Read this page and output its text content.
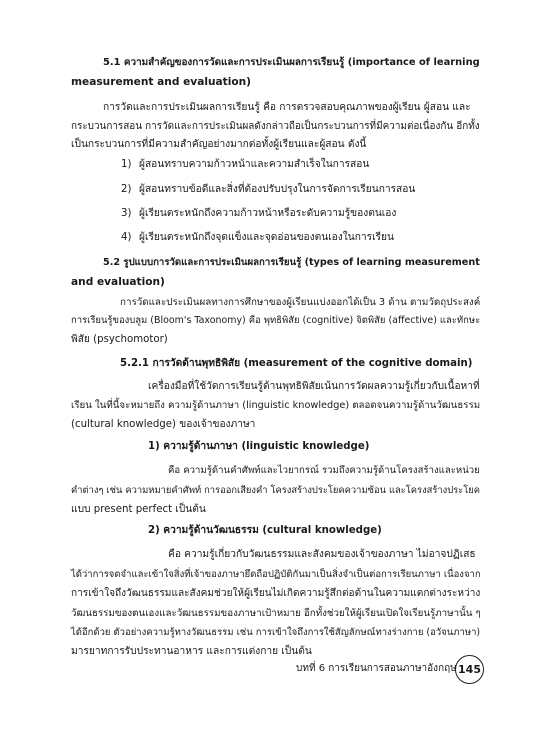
5.1 ความสำคัญของการวัดและการประเมินผลการเรียนรู้ (importance of learning
measurement and evaluation)
การวัดและการประเมินผลการเรียนรู้ คือ การตรวจสอบคุณภาพของผู้เรียน ผู้สอน และ
กระบวนการสอน การวัดและการประเมินผลดังกล่าวถือเป็นกระบวนการที่มีความต่อเนื่องกัน อีกทั้ง
เป็นกระบวนการที่มีความสำคัญอย่างมากต่อทั้งผู้เรียนและผู้สอน ดังนี้
1) ผู้สอนทราบความก้าวหน้าและความสำเร็จในการสอน
2) ผู้สอนทราบข้อดีและสิ่งที่ต้องปรับปรุงในการจัดการเรียนการสอน
3) ผู้เรียนตระหนักถึงความก้าวหน้าหรือระดับความรู้ของตนเอง
4) ผู้เรียนตระหนักถึงจุดแข็งและจุดอ่อนของตนเองในการเรียน
5.2 รูปแบบการวัดและการประเมินผลการเรียนรู้ (types of learning measurement
and evaluation)
การวัดและประเมินผลทางการศึกษาของผู้เรียนแบ่งออกได้เป็น 3 ด้าน ตามวัตถุประสงค์
การเรียนรู้ของบลูม (Bloom's Taxonomy) คือ พุทธิพิสัย (cognitive) จิตพิสัย (affective) และทักษะ
พิสัย (psychomotor)
5.2.1 การวัดด้านพุทธิพิสัย (measurement of the cognitive domain)
เครื่องมือที่ใช้วัดการเรียนรู้ด้านพุทธิพิสัยเน้นการวัดผลความรู้เกี่ยวกับเนื้อหาที่
เรียน ในที่นี้จะหมายถึง ความรู้ด้านภาษา (linguistic knowledge) ตลอดจนความรู้ด้านวัฒนธรรม
(cultural knowledge) ของเจ้าของภาษา
1) ความรู้ด้านภาษา (linguistic knowledge)
คือ ความรู้ด้านคำศัพท์และไวยากรณ์ รวมถึงความรู้ด้านโครงสร้างและหน่วย
คำต่างๆ เช่น ความหมายคำศัพท์ การออกเสียงคำ โครงสร้างประโยคความซ้อน และโครงสร้างประโยค
แบบ present perfect เป็นต้น
2) ความรู้ด้านวัฒนธรรม (cultural knowledge)
คือ ความรู้เกี่ยวกับวัฒนธรรมและสังคมของเจ้าของภาษา ไม่อาจปฏิเสธ
ได้ว่าการจดจำและเข้าใจสิ่งที่เจ้าของภาษายึดถือปฏิบัติกันมาเป็นสิ่งจำเป็นต่อการเรียนภาษา เนื่องจาก
การเข้าใจถึงวัฒนธรรมและสังคมช่วยให้ผู้เรียนไม่เกิดความรู้สึกต่อต้านในความแตกต่างระหว่าง
วัฒนธรรมของตนเองและวัฒนธรรมของภาษาเป้าหมาย อีกทั้งช่วยให้ผู้เรียนเปิดใจเรียนรู้ภาษานั้น ๆ
ได้อีกด้วย ตัวอย่างความรู้ทางวัฒนธรรม เช่น การเข้าใจถึงการใช้สัญลักษณ์ทางร่างกาย (อวัจนภาษา)
มารยาทการรับประทานอาหาร และการแต่งกาย เป็นต้น
บทที่ 6 การเรียนการสอนภาษาอังกฤษ 145
